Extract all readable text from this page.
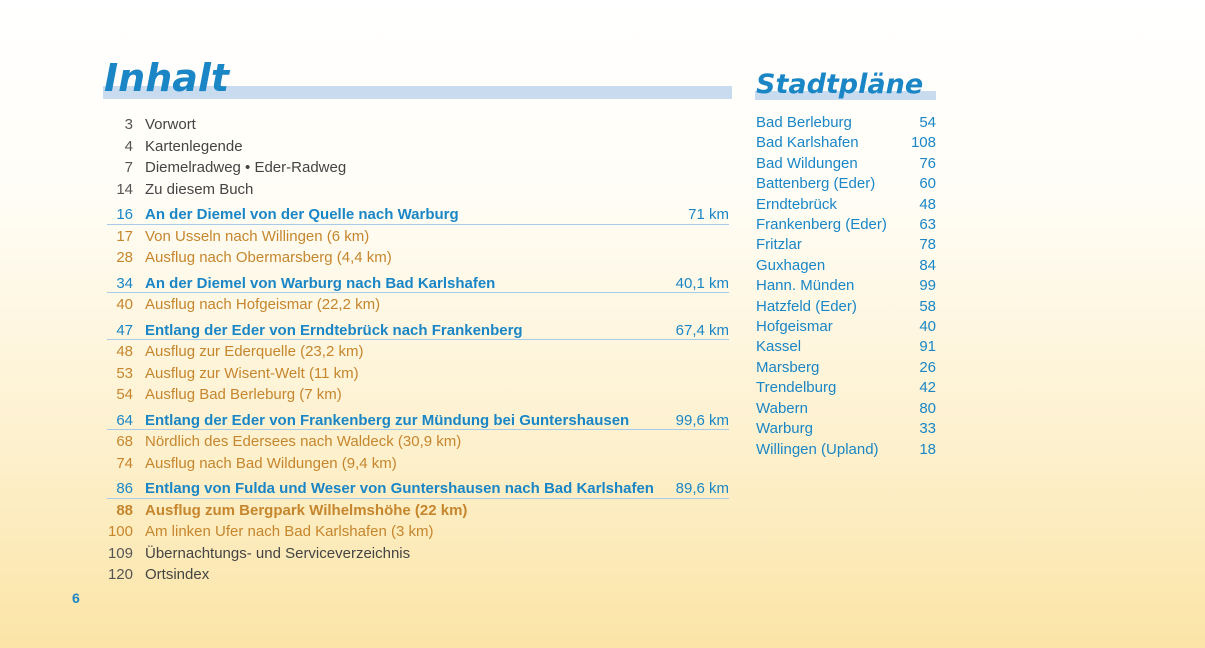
Inhalt
3 Vorwort
4 Kartenlegende
7 Diemelradweg • Eder-Radweg
14 Zu diesem Buch
16 An der Diemel von der Quelle nach Warburg	71 km
17 Von Usseln nach Willingen (6 km)
28 Ausflug nach Obermarsberg (4,4 km)
34 An der Diemel von Warburg nach Bad Karlshafen	40,1 km
40 Ausflug nach Hofgeismar (22,2 km)
47 Entlang der Eder von Erndtebrück nach Frankenberg	67,4 km
48 Ausflug zur Ederquelle (23,2 km)
53 Ausflug zur Wisent-Welt (11 km)
54 Ausflug Bad Berleburg (7 km)
64 Entlang der Eder von Frankenberg zur Mündung bei Guntershausen	99,6 km
68 Nördlich des Edersees nach Waldeck (30,9 km)
74 Ausflug nach Bad Wildungen (9,4 km)
86 Entlang von Fulda und Weser von Guntershausen nach Bad Karlshafen	89,6 km
88 Ausflug zum Bergpark Wilhelmshöhe (22 km)
100 Am linken Ufer nach Bad Karlshafen (3 km)
109 Übernachtungs- und Serviceverzeichnis
120 Ortsindex
Stadtpläne
Bad Berleburg	54
Bad Karlshafen	108
Bad Wildungen	76
Battenberg (Eder)	60
Erndtebrück	48
Frankenberg (Eder) 63
Fritzlar	78
Guxhagen	84
Hann. Münden	99
Hatzfeld (Eder)	58
Hofgeismar	40
Kassel	91
Marsberg	26
Trendelburg	42
Wabern	80
Warburg	33
Willingen (Upland)	18
6
